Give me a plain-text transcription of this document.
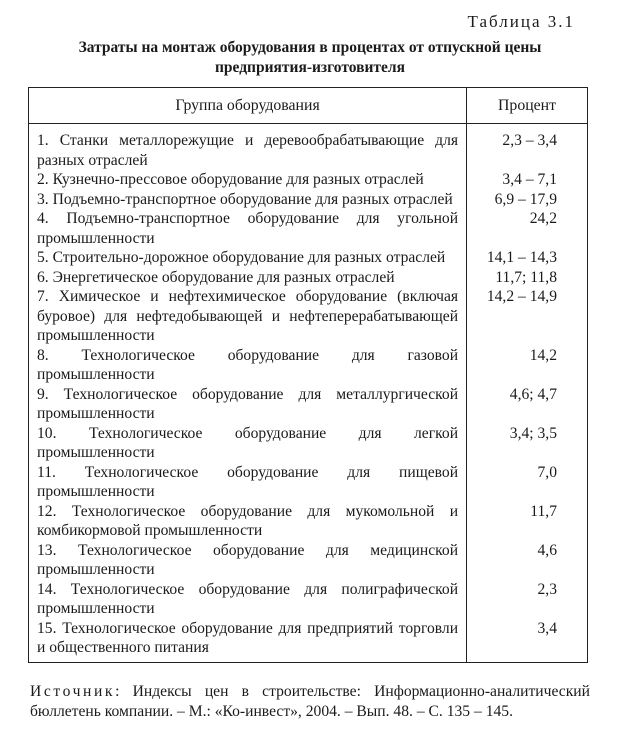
Таблица 3.1
Затраты на монтаж оборудования в процентах от отпускной цены
предприятия-изготовителя
Группа оборудования	Процент
1. Станки металлорежущие и деревообрабатывающие для разных отраслей	2,3 – 3,4
2. Кузнечно-прессовое оборудование для разных отраслей	3,4 – 7,1
3. Подъемно-транспортное оборудование для разных отраслей	6,9 – 17,9
4. Подъемно-транспортное оборудование для угольной промышленности	24,2
5. Строительно-дорожное оборудование для разных отраслей	14,1 – 14,3
6. Энергетическое оборудование для разных отраслей	11,7; 11,8
7. Химическое и нефтехимическое оборудование (включая буровое) для нефтедобывающей и нефтеперерабатывающей промышленности	14,2 – 14,9
8. Технологическое оборудование для газовой промышленности	14,2
9. Технологическое оборудование для металлургической промышленности	4,6; 4,7
10. Технологическое оборудование для легкой промышленности	3,4; 3,5
11. Технологическое оборудование для пищевой промышленности	7,0
12. Технологическое оборудование для мукомольной и комбикормовой промышленности	11,7
13. Технологическое оборудование для медицинской промышленности	4,6
14. Технологическое оборудование для полиграфической промышленности	2,3
15. Технологическое оборудование для предприятий торговли и общественного питания	3,4
Источник: Индексы цен в строительстве: Информационно-аналитический бюллетень компании. – М.: «Ко-инвест», 2004. – Вып. 48. – С. 135 – 145.
